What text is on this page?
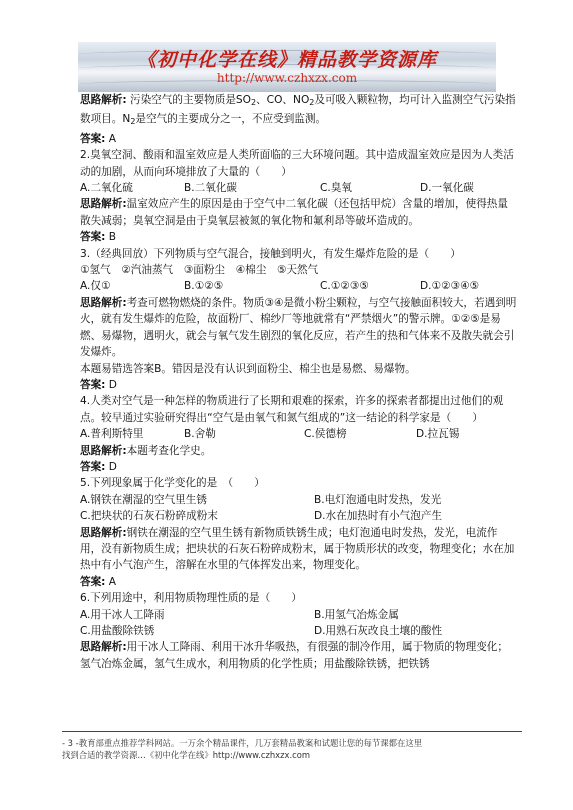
《初中化学在线》精品教学资源库
http://www.czhxzx.com

思路解析: 污染空气的主要物质是$SO_2$、CO、$NO_2$及可吸入颗粒物，均可计入监测空气污染指数项目。$N_2$是空气的主要成分之一，不应受到监测。

答案: A

2.臭氧空洞、酸雨和温室效应是人类所面临的三大环境问题。其中造成温室效应是因为人类活动的加剧，从而向环境排放了大量的（　　）

A.二氧化硫	B.二氧化碳	C.臭氧	D.一氧化碳

思路解析:温室效应产生的原因是由于空气中二氧化碳（还包括甲烷）含量的增加，使得热量散失减弱；臭氧空洞是由于臭氧层被氮的氧化物和氟利昂等破坏造成的。

答案: B

3.（经典回放）下列物质与空气混合，接触到明火，有发生爆炸危险的是（　　）

①氢气　②汽油蒸气　③面粉尘　④棉尘　⑤天然气

A.仅①	B.①②⑤	C.①②③⑤	D.①②③④⑤

思路解析:考查可燃物燃烧的条件。物质③④是微小粉尘颗粒，与空气接触面积较大，若遇到明火，就有发生爆炸的危险，故面粉厂、棉纱厂等地就常有“严禁烟火”的警示牌。①②⑤是易燃、易爆物，遇明火，就会与氧气发生剧烈的氧化反应，若产生的热和气体来不及散失就会引发爆炸。

本题易错选答案B。错因是没有认识到面粉尘、棉尘也是易燃、易爆物。

答案: D

4.人类对空气是一种怎样的物质进行了长期和艰难的探索，许多的探索者都提出过他们的观点。较早通过实验研究得出“空气是由氧气和氮气组成的”这一结论的科学家是（　　）

A.普利斯特里	B.舍勒	C.侯德榜	D.拉瓦锡

思路解析:本题考查化学史。

答案: D

5.下列现象属于化学变化的是　（　　）

A.钢铁在潮湿的空气里生锈	B.电灯泡通电时发热，发光
C.把块状的石灰石粉碎成粉末	D.水在加热时有小气泡产生

思路解析:钢铁在潮湿的空气里生锈有新物质铁锈生成；电灯泡通电时发热，发光，电流作用，没有新物质生成；把块状的石灰石粉碎成粉末，属于物质形状的改变，物理变化；水在加热中有小气泡产生，溶解在水里的气体挥发出来，物理变化。

答案: A

6.下列用途中，利用物质物理性质的是（　　）

A.用干冰人工降雨	B.用氢气冶炼金属
C.用盐酸除铁锈	D.用熟石灰改良土壤的酸性

思路解析:用干冰人工降雨、利用干冰升华吸热，有很强的制冷作用，属于物质的物理变化；氢气冶炼金属，氢气生成水，利用物质的化学性质；用盐酸除铁锈，把铁锈

- 3 -教育部重点推荐学科网站。一万余个精品课件，几万套精品教案和试题让您的每节课都在这里
找到合适的教学资源…《初中化学在线》http://www.czhxzx.com
